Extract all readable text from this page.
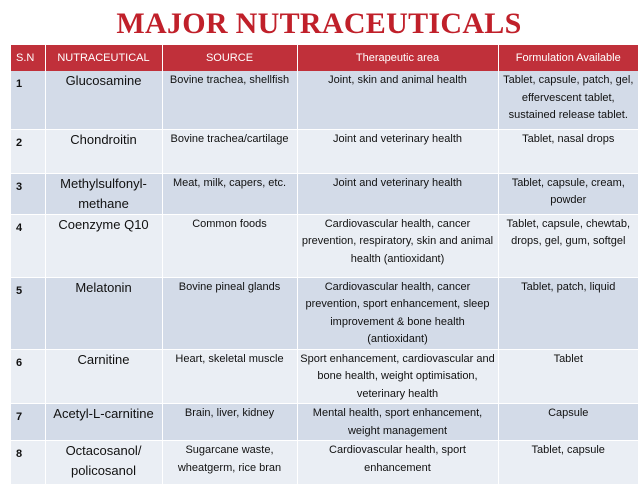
MAJOR NUTRACEUTICALS
S.N	NUTRACEUTICAL	SOURCE	Therapeutic area	Formulation Available
1	Glucosamine	Bovine trachea, shellfish	Joint, skin and animal health	Tablet, capsule, patch, gel, effervescent tablet, sustained release tablet.
2	Chondroitin	Bovine trachea/cartilage	Joint and veterinary health	Tablet, nasal drops
3	Methylsulfonyl-methane	Meat, milk, capers, etc.	Joint and veterinary health	Tablet, capsule, cream, powder
4	Coenzyme Q10	Common foods	Cardiovascular health, cancer prevention, respiratory, skin and animal health (antioxidant)	Tablet, capsule, chewtab, drops, gel, gum, softgel
5	Melatonin	Bovine pineal glands	Cardiovascular health, cancer prevention, sport enhancement, sleep improvement & bone health (antioxidant)	Tablet, patch, liquid
6	Carnitine	Heart, skeletal muscle	Sport enhancement, cardiovascular and bone health, weight optimisation, veterinary health	Tablet
7	Acetyl-L-carnitine	Brain, liver, kidney	Mental health, sport enhancement, weight management	Capsule
8	Octacosanol/ policosanol	Sugarcane waste, wheatgerm, rice bran	Cardiovascular health, sport enhancement	Tablet, capsule
